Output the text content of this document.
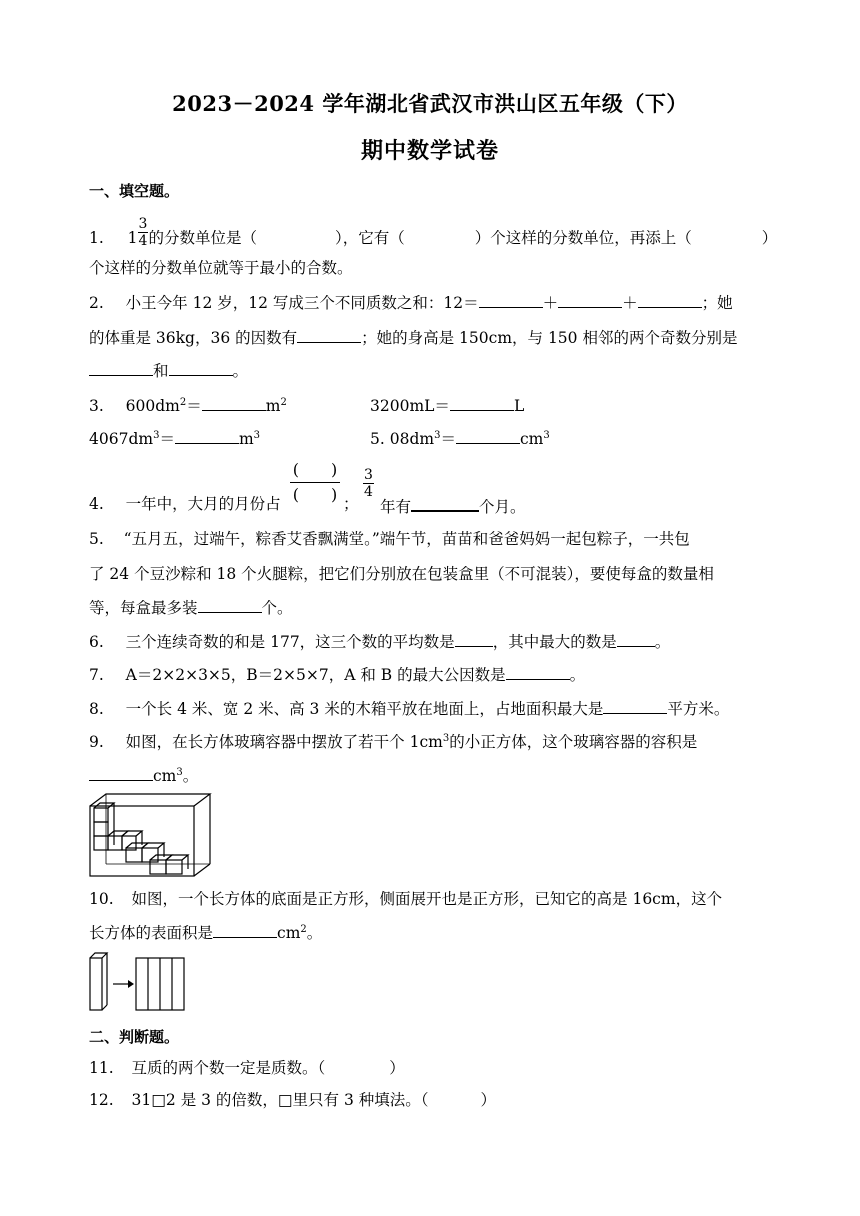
2023－2024 学年湖北省武汉市洪山区五年级（下）
期中数学试卷
一、填空题。
1. $1 \frac{3}{4}$ 的分数单位是（	），它有（	）个这样的分数单位，再添上（	）
个这样的分数单位就等于最小的合数。
2. 小王今年 12 岁，12 写成三个不同质数之和：12＝	＋	＋	；她
的体重是 36kg，36 的因数有	；她的身高是 150cm，与 150 相邻的两个奇数分别是
和	。
3. $600dm^2=$	$m^2$	3200mL＝	L
$4067dm^3=$	$m^3$	5. $08dm^3=$	$cm^3$
4. 一年中，大月的月份占
(　　)
(　　) ；
$\frac{3}{4}$
年有	个月。
5. “五月五，过端午，粽香艾香飘满堂。”端午节，苗苗和爸爸妈妈一起包粽子，一共包
了 24 个豆沙粽和 18 个火腿粽，把它们分别放在包装盒里（不可混装），要使每盒的数量相
等，每盒最多装	个。
6. 三个连续奇数的和是 177，这三个数的平均数是 ，其中最大的数是 。
7. A＝2×2×3×5，B＝2×5×7，A 和 B 的最大公因数是	。
8. 一个长 4 米、宽 2 米、高 3 米的木箱平放在地面上，占地面积最大是	平方米。
9. 如图，在长方体玻璃容器中摆放了若干个 $1cm^3$的小正方体，这个玻璃容器的容积是
$cm^3$。
10. 如图，一个长方体的底面是正方形，侧面展开也是正方形，已知它的高是 16cm，这个
长方体的表面积是	$cm^2$。
二、判断题。
11. 互质的两个数一定是质数。（	）
12. 31□2 是 3 的倍数，□里只有 3 种填法。（	）
